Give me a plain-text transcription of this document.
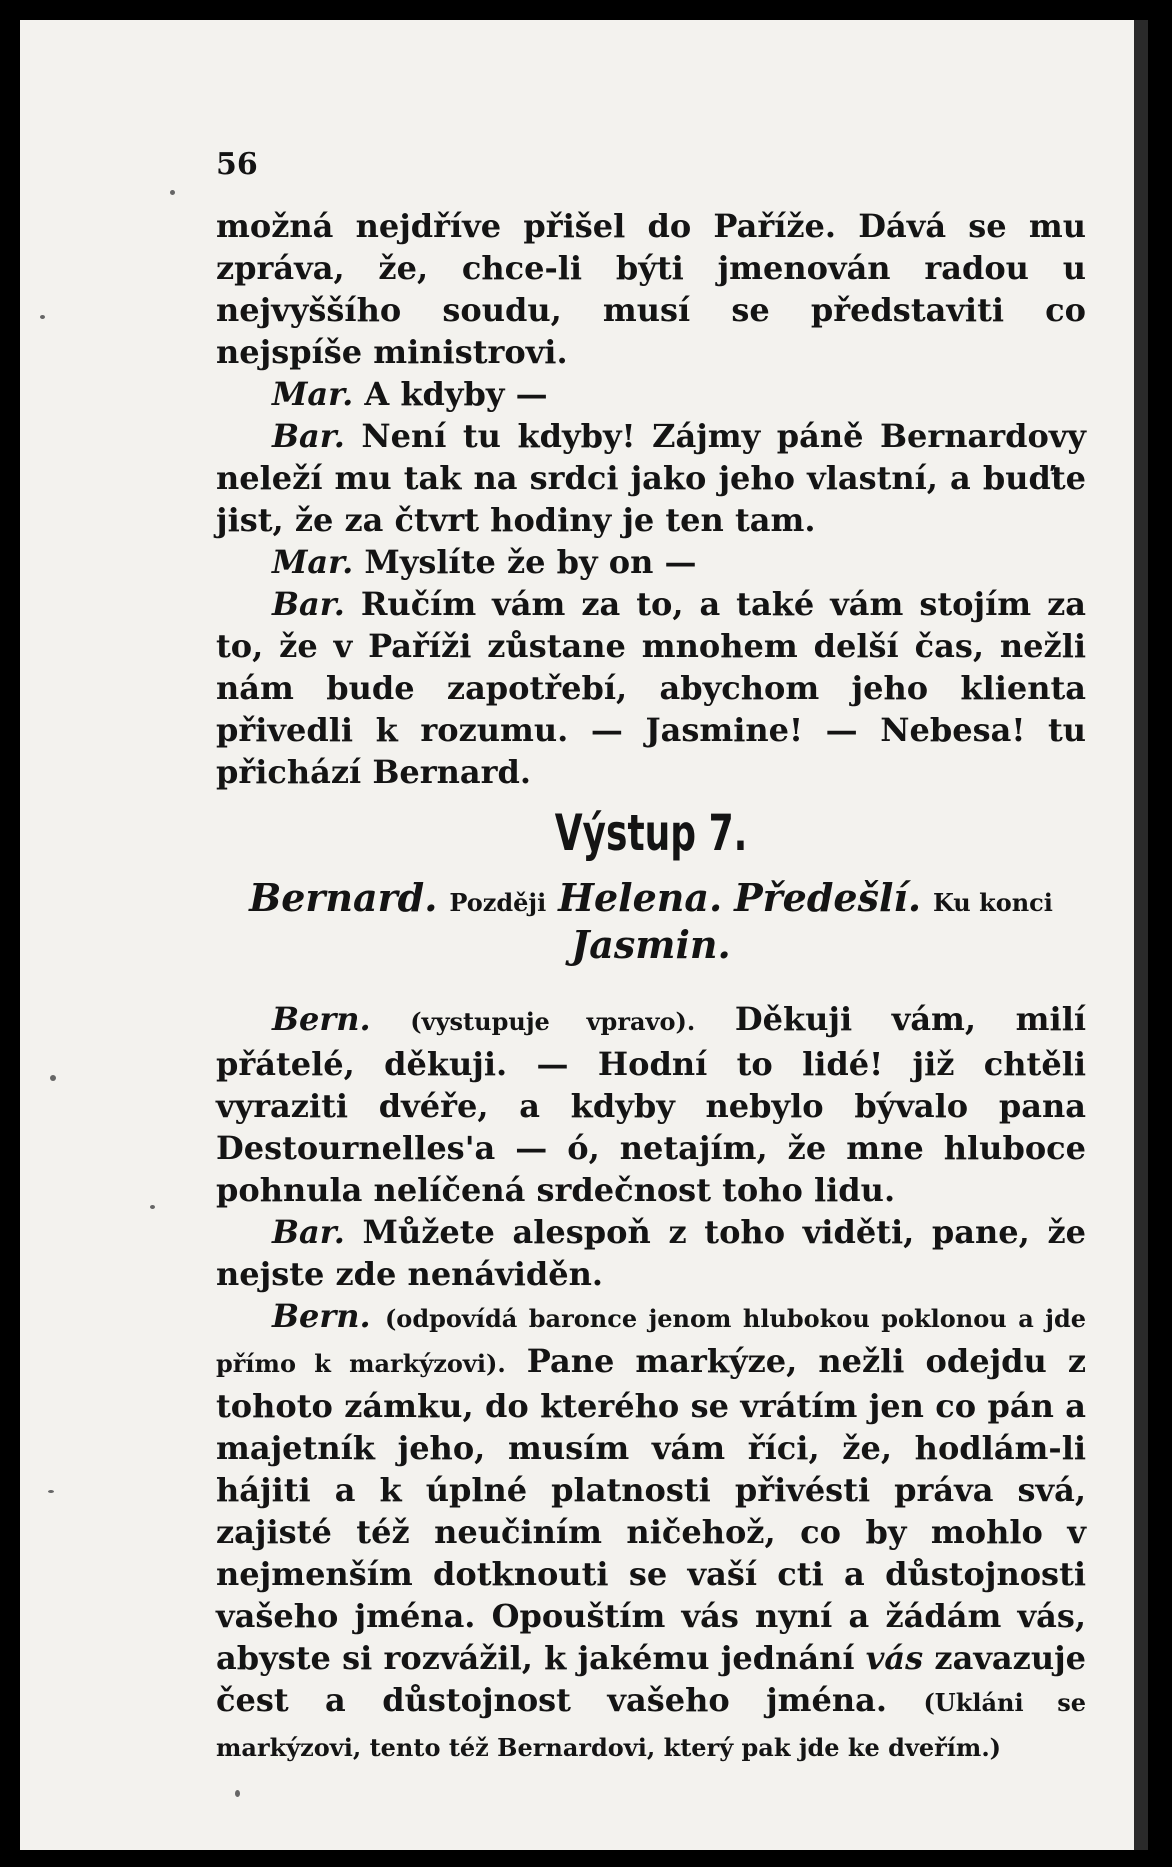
56

možná nejdříve přišel do Paříže. Dává se mu zpráva, že, chce-li býti jmenován radou u nejvyššího soudu, musí se představiti co nejspíše ministrovi.

Mar. A kdyby —

Bar. Není tu kdyby! Zájmy páně Bernardovy neleží mu tak na srdci jako jeho vlastní, a buďte jist, že za čtvrt hodiny je ten tam.

Mar. Myslíte že by on —

Bar. Ručím vám za to, a také vám stojím za to, že v Paříži zůstane mnohem delší čas, nežli nám bude zapotřebí, abychom jeho klienta přivedli k rozumu. — Jasmine! — Nebesa! tu přichází Bernard.

Výstup 7.
Bernard. Později Helena. Předešlí. Ku konci
Jasmin.

Bern. (vystupuje vpravo). Děkuji vám, milí přátelé, děkuji. — Hodní to lidé! již chtěli vyraziti dvéře, a kdyby nebylo bývalo pana Destournelles'a — ó, netajím, že mne hluboce pohnula nelíčená srdečnost toho lidu.

Bar. Můžete alespoň z toho viděti, pane, že nejste zde nenáviděn.

Bern. (odpovídá baronce jenom hlubokou poklonou a jde přímo k markýzovi). Pane markýze, nežli odejdu z tohoto zámku, do kterého se vrátím jen co pán a majetník jeho, musím vám říci, že, hodlám-li hájiti a k úplné platnosti přivésti práva svá, zajisté též neučiním ničehož, co by mohlo v nejmenším dotknouti se vaší cti a důstojnosti vašeho jména. Opouštím vás nyní a žádám vás, abyste si rozvážil, k jakému jednání vás zavazuje čest a důstojnost vašeho jména. (Ukláni se markýzovi, tento též Bernardovi, který pak jde ke dveřím.)
